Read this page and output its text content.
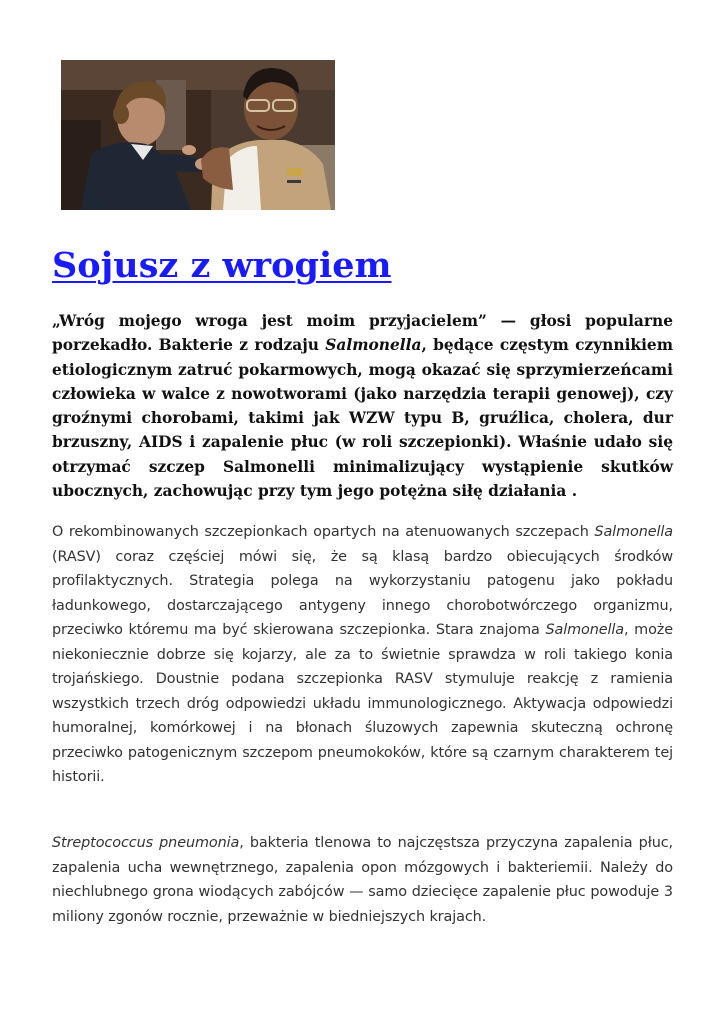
Sojusz z wrogiem

„Wróg mojego wroga jest moim przyjacielem” — głosi popularne porzekadło. Bakterie z rodzaju Salmonella, będące częstym czynnikiem etiologicznym zatruć pokarmowych, mogą okazać się sprzymierzeńcami człowieka w walce z nowotworami (jako narzędzia terapii genowej), czy groźnymi chorobami, takimi jak WZW typu B, gruźlica, cholera, dur brzuszny, AIDS i zapalenie płuc (w roli szczepionki). Właśnie udało się otrzymać szczep Salmonelli minimalizujący wystąpienie skutków ubocznych, zachowując przy tym jego potężna siłę działania .

O rekombinowanych szczepionkach opartych na atenuowanych szczepach Salmonella (RASV) coraz częściej mówi się, że są klasą bardzo obiecujących środków profilaktycznych. Strategia polega na wykorzystaniu patogenu jako pokładu ładunkowego, dostarczającego antygeny innego chorobotwórczego organizmu, przeciwko któremu ma być skierowana szczepionka. Stara znajoma Salmonella, może niekoniecznie dobrze się kojarzy, ale za to świetnie sprawdza w roli takiego konia trojańskiego. Doustnie podana szczepionka RASV stymuluje reakcję z ramienia wszystkich trzech dróg odpowiedzi układu immunologicznego. Aktywacja odpowiedzi humoralnej, komórkowej i na błonach śluzowych zapewnia skuteczną ochronę przeciwko patogenicznym szczepom pneumokoków, które są czarnym charakterem tej historii.

Streptococcus pneumonia, bakteria tlenowa to najczęstsza przyczyna zapalenia płuc, zapalenia ucha wewnętrznego, zapalenia opon mózgowych i bakteriemii. Należy do niechlubnego grona wiodących zabójców — samo dziecięce zapalenie płuc powoduje 3 miliony zgonów rocznie, przeważnie w biedniejszych krajach.
